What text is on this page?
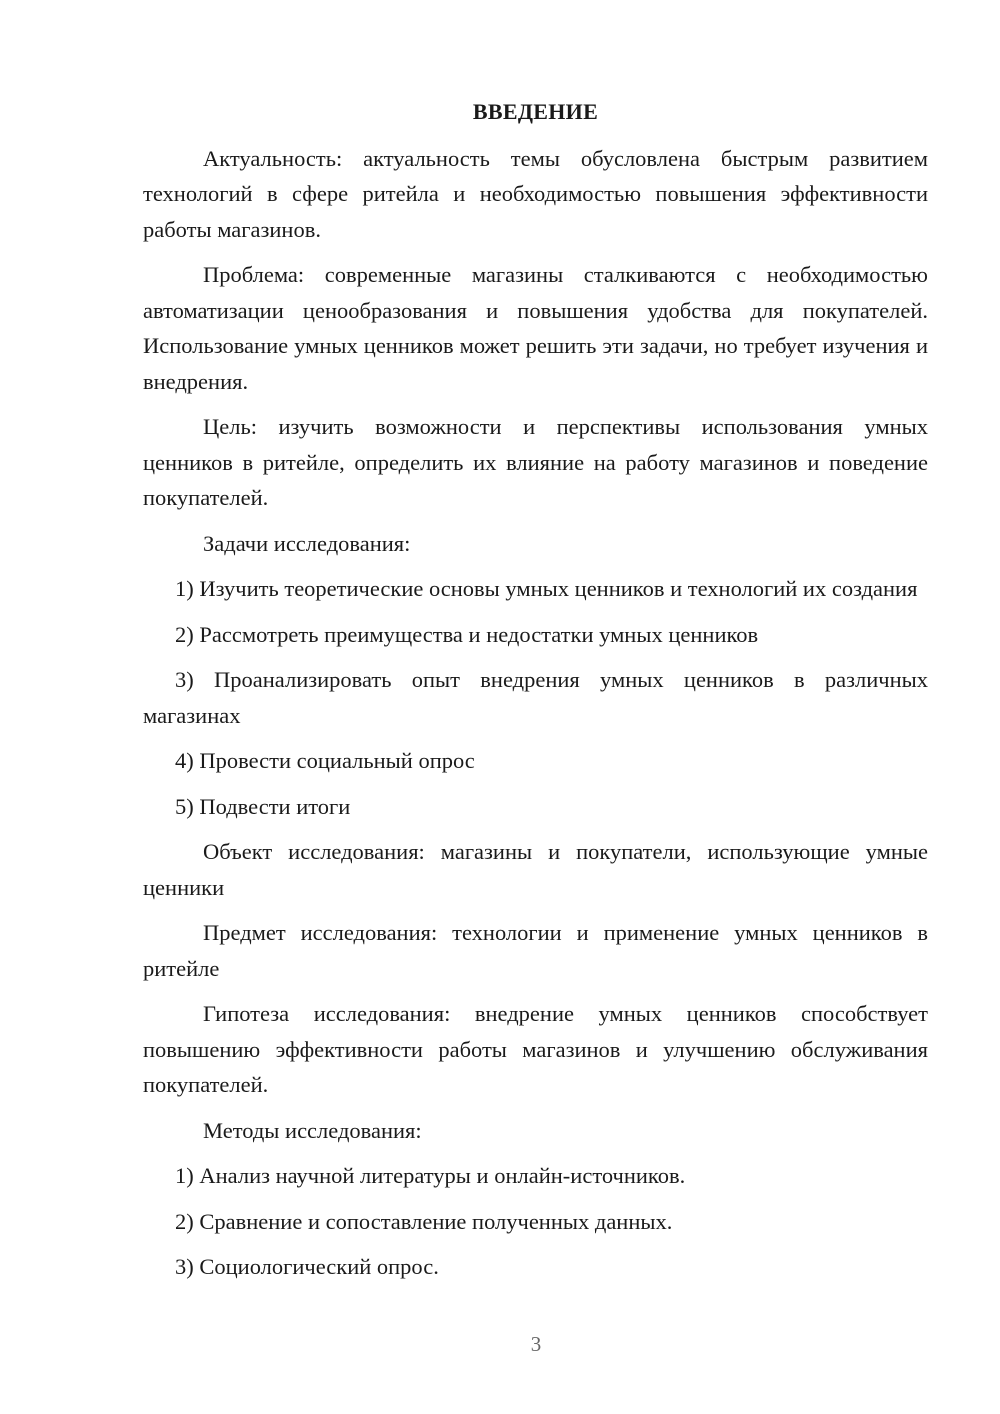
ВВЕДЕНИЕ

Актуальность: актуальность темы обусловлена быстрым развитием технологий в сфере ритейла и необходимостью повышения эффективности работы магазинов.

Проблема: современные магазины сталкиваются с необходимостью автоматизации ценообразования и повышения удобства для покупателей. Использование умных ценников может решить эти задачи, но требует изучения и внедрения.

Цель: изучить возможности и перспективы использования умных ценников в ритейле, определить их влияние на работу магазинов и поведение покупателей.

Задачи исследования:

1) Изучить теоретические основы умных ценников и технологий их создания

2) Рассмотреть преимущества и недостатки умных ценников

3) Проанализировать опыт внедрения умных ценников в различных магазинах

4) Провести социальный опрос

5) Подвести итоги

Объект исследования: магазины и покупатели, использующие умные ценники

Предмет исследования: технологии и применение умных ценников в ритейле

Гипотеза исследования: внедрение умных ценников способствует повышению эффективности работы магазинов и улучшению обслуживания покупателей.

Методы исследования:

1) Анализ научной литературы и онлайн-источников.

2) Сравнение и сопоставление полученных данных.

3) Социологический опрос.

3
